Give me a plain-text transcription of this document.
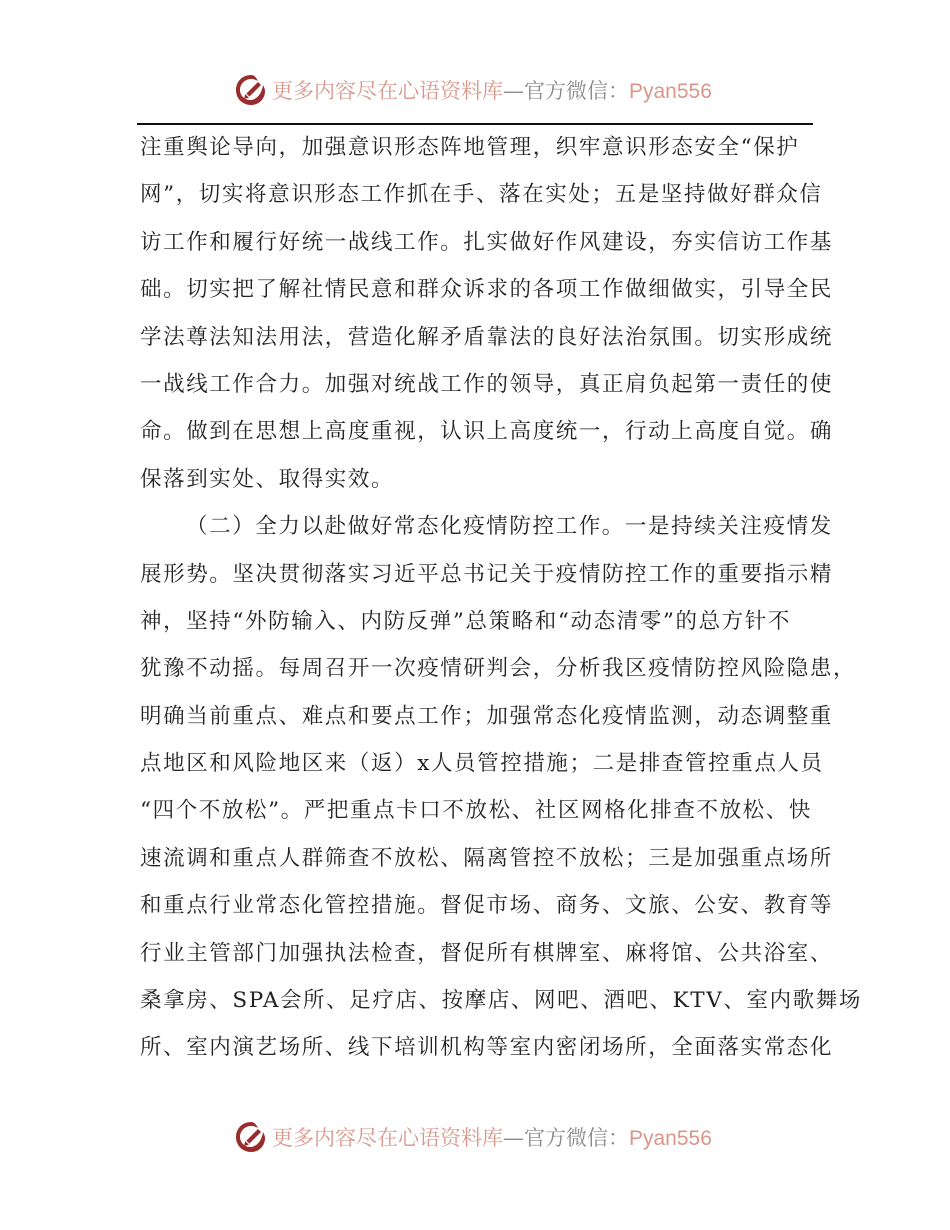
更多内容尽在心语资料库—官方微信：Pyan556
注重舆论导向，加强意识形态阵地管理，织牢意识形态安全“保护
网”，切实将意识形态工作抓在手、落在实处；五是坚持做好群众信
访工作和履行好统一战线工作。扎实做好作风建设，夯实信访工作基
础。切实把了解社情民意和群众诉求的各项工作做细做实，引导全民
学法尊法知法用法，营造化解矛盾靠法的良好法治氛围。切实形成统
一战线工作合力。加强对统战工作的领导，真正肩负起第一责任的使
命。做到在思想上高度重视，认识上高度统一，行动上高度自觉。确
保落到实处、取得实效。
（二）全力以赴做好常态化疫情防控工作。一是持续关注疫情发
展形势。坚决贯彻落实习近平总书记关于疫情防控工作的重要指示精
神，坚持“外防输入、内防反弹”总策略和“动态清零”的总方针不
犹豫不动摇。每周召开一次疫情研判会，分析我区疫情防控风险隐患，
明确当前重点、难点和要点工作；加强常态化疫情监测，动态调整重
点地区和风险地区来（返）x人员管控措施；二是排查管控重点人员
“四个不放松”。严把重点卡口不放松、社区网格化排查不放松、快
速流调和重点人群筛查不放松、隔离管控不放松；三是加强重点场所
和重点行业常态化管控措施。督促市场、商务、文旅、公安、教育等
行业主管部门加强执法检查，督促所有棋牌室、麻将馆、公共浴室、
桑拿房、SPA会所、足疗店、按摩店、网吧、酒吧、KTV、室内歌舞场
所、室内演艺场所、线下培训机构等室内密闭场所，全面落实常态化
更多内容尽在心语资料库—官方微信：Pyan556
